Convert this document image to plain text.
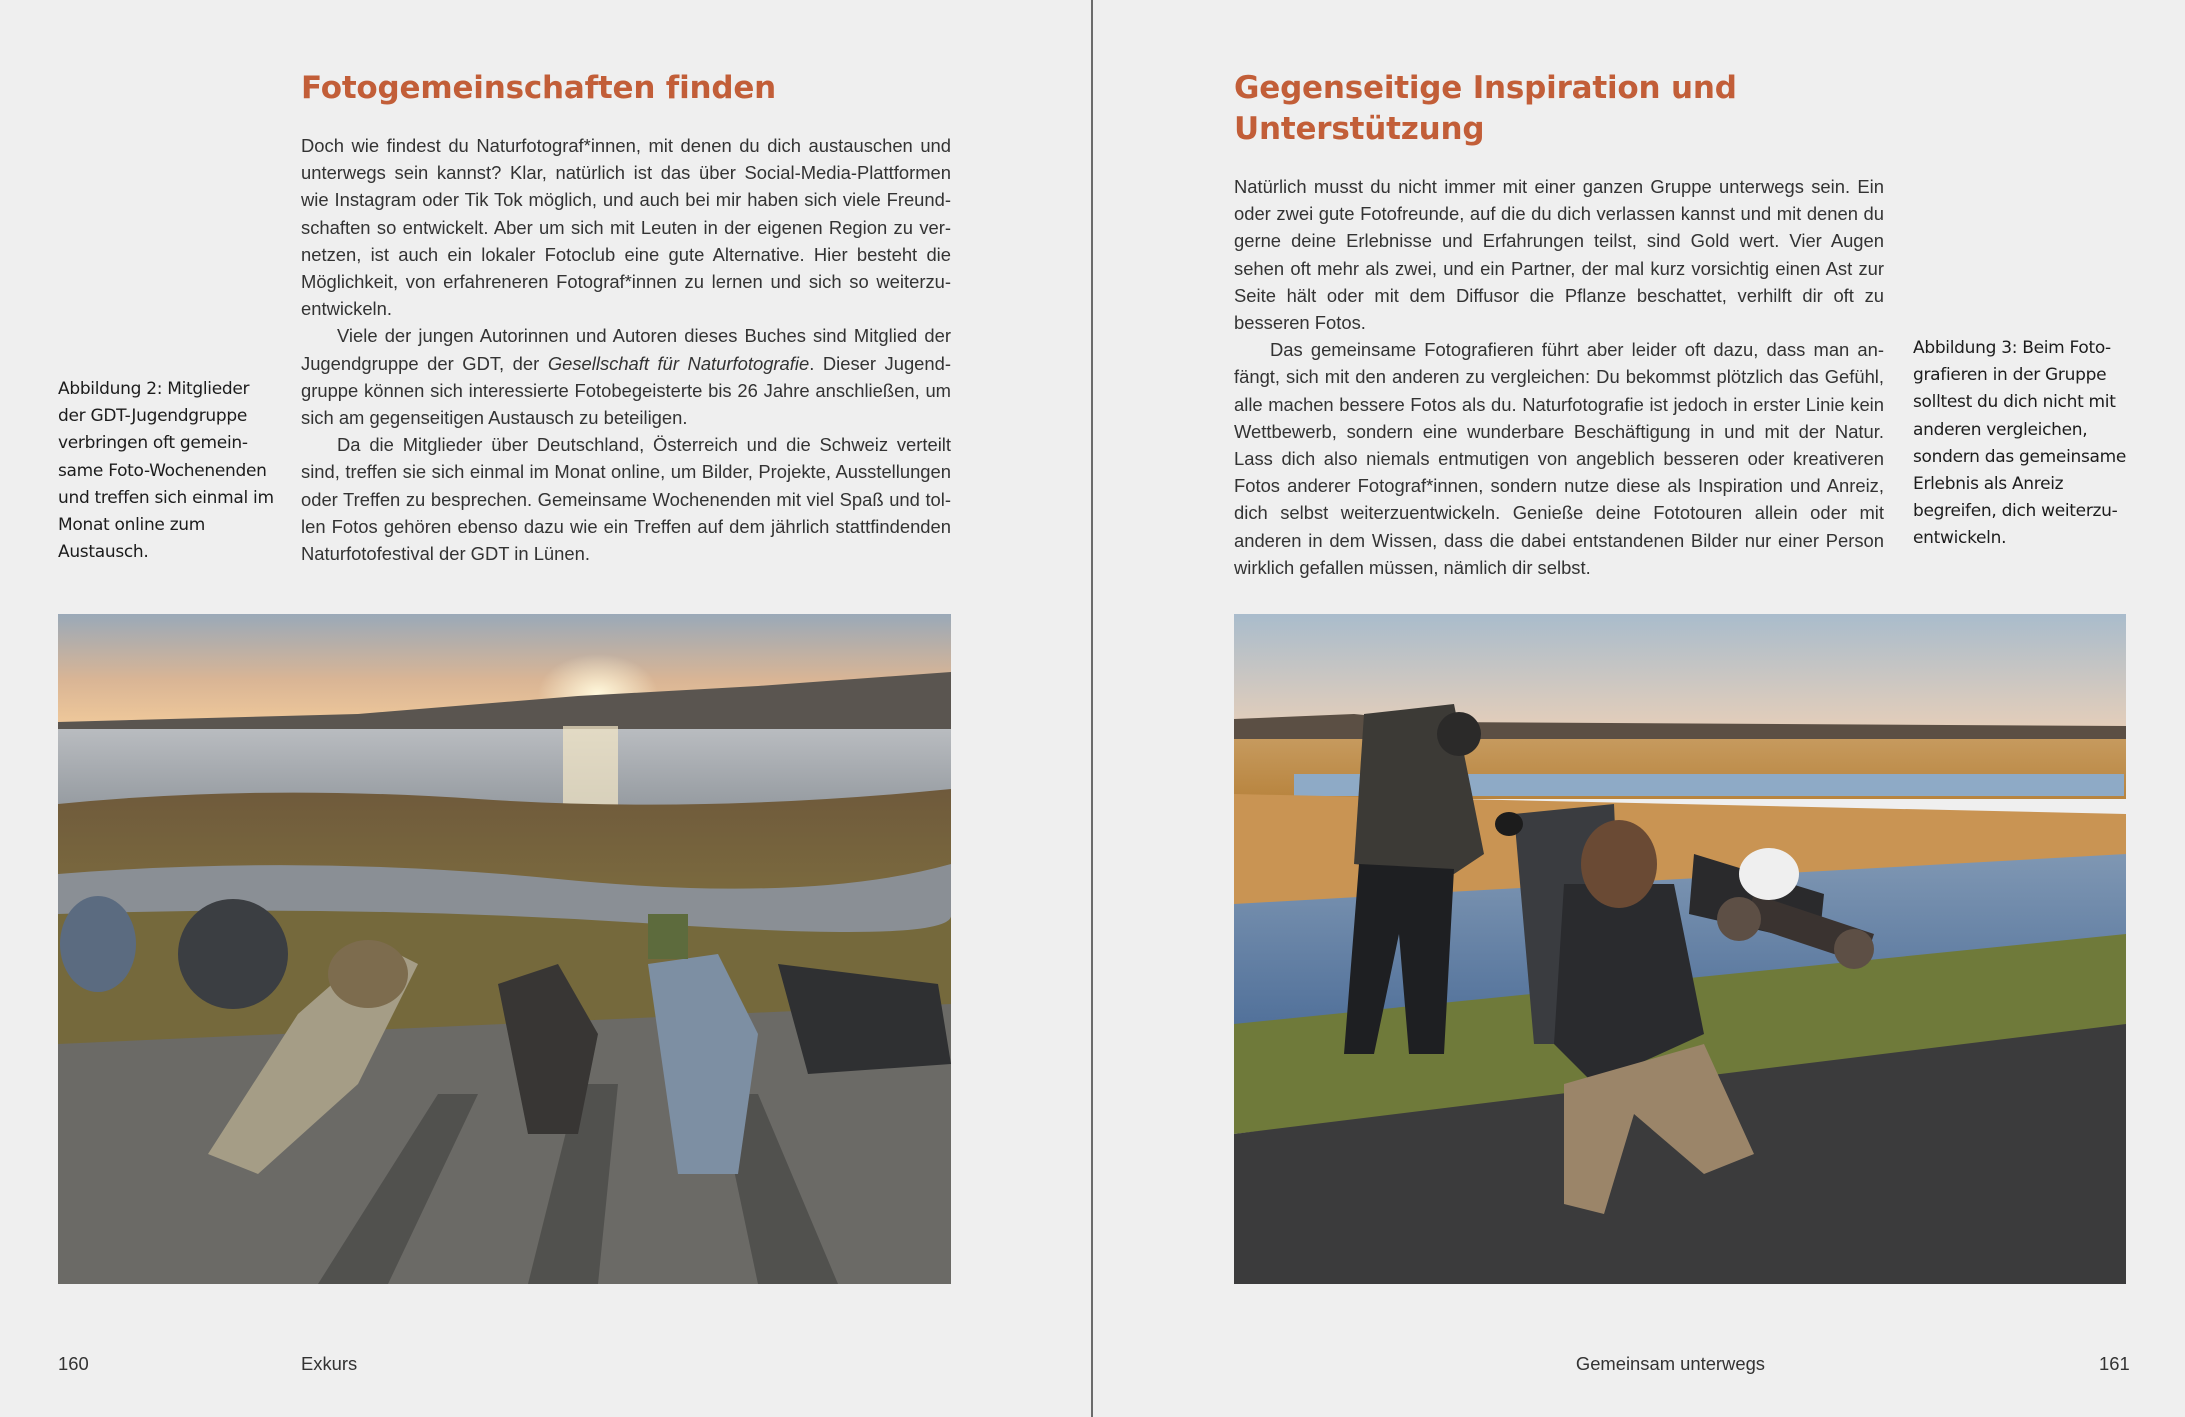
Fotogemeinschaften finden

Doch wie findest du Naturfotograf*innen, mit denen du dich austauschen und unterwegs sein kannst? Klar, natürlich ist das über Social-Media-Plattformen wie Instagram oder Tik Tok möglich, und auch bei mir haben sich viele Freundschaften so entwickelt. Aber um sich mit Leuten in der eigenen Region zu vernetzen, ist auch ein lokaler Fotoclub eine gute Alternative. Hier besteht die Möglichkeit, von erfahreneren Fotograf*innen zu lernen und sich so weiterzuentwickeln.

Viele der jungen Autorinnen und Autoren dieses Buches sind Mitglied der Jugendgruppe der GDT, der Gesellschaft für Naturfotografie. Dieser Jugendgruppe können sich interessierte Fotobegeisterte bis 26 Jahre anschließen, um sich am gegenseitigen Austausch zu beteiligen.

Da die Mitglieder über Deutschland, Österreich und die Schweiz verteilt sind, treffen sie sich einmal im Monat online, um Bilder, Projekte, Ausstellungen oder Treffen zu besprechen. Gemeinsame Wochenenden mit viel Spaß und tollen Fotos gehören ebenso dazu wie ein Treffen auf dem jährlich stattfindenden Naturfotofestival der GDT in Lünen.

Abbildung 2: Mitglieder der GDT-Jugendgruppe verbringen oft gemeinsame Foto-Wochenenden und treffen sich einmal im Monat online zum Austausch.
160	Exkurs
Gegenseitige Inspiration und
Unterstützung

Natürlich musst du nicht immer mit einer ganzen Gruppe unterwegs sein. Ein oder zwei gute Fotofreunde, auf die du dich verlassen kannst und mit denen du gerne deine Erlebnisse und Erfahrungen teilst, sind Gold wert. Vier Augen sehen oft mehr als zwei, und ein Partner, der mal kurz vorsichtig einen Ast zur Seite hält oder mit dem Diffusor die Pflanze beschattet, verhilft dir oft zu besseren Fotos.

Das gemeinsame Fotografieren führt aber leider oft dazu, dass man anfängt, sich mit den anderen zu vergleichen: Du bekommst plötzlich das Gefühl, alle machen bessere Fotos als du. Naturfotografie ist jedoch in erster Linie kein Wettbewerb, sondern eine wunderbare Beschäftigung in und mit der Natur. Lass dich also niemals entmutigen von angeblich besseren oder kreativeren Fotos anderer Fotograf*innen, sondern nutze diese als Inspiration und Anreiz, dich selbst weiterzuentwickeln. Genieße deine Fototouren allein oder mit anderen in dem Wissen, dass die dabei entstandenen Bilder nur einer Person wirklich gefallen müssen, nämlich dir selbst.

Abbildung 3: Beim Fotografieren in der Gruppe solltest du dich nicht mit anderen vergleichen, sondern das gemeinsame Erlebnis als Anreiz begreifen, dich weiterzuentwickeln.
Gemeinsam unterwegs	161
